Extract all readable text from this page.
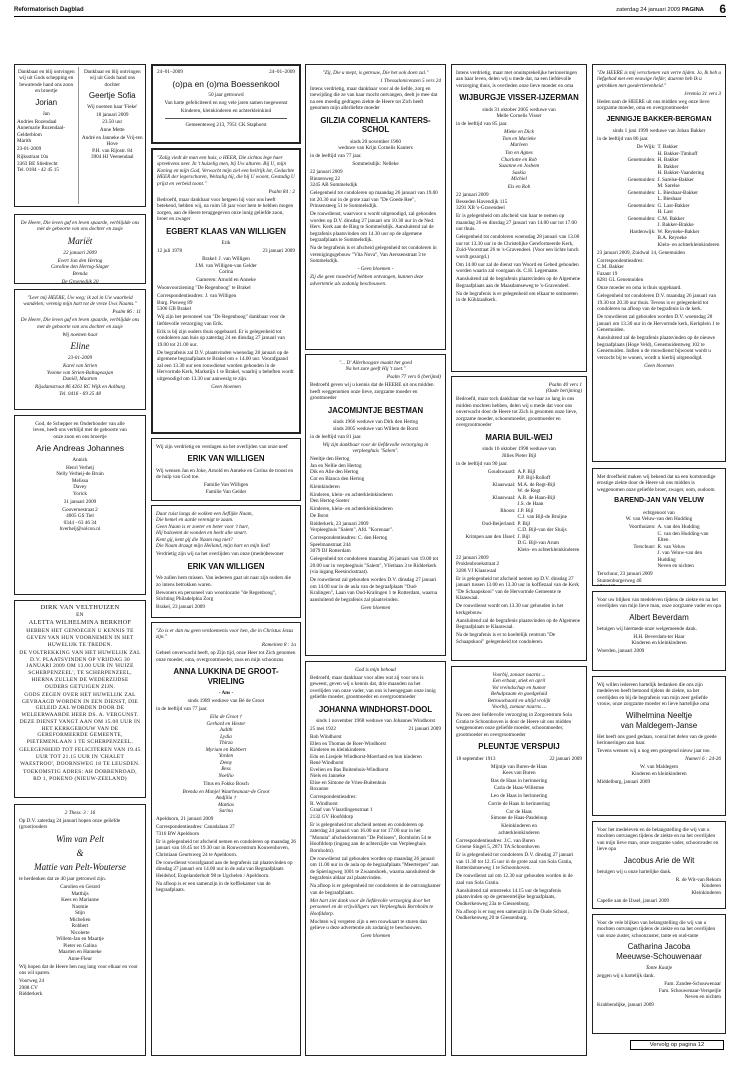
Reformatorisch Dagblad	zaterdag 24 januari 2009 PAGINA 6

Dankbaar en blij ontvingen wij uit Gods schepping en bewarende hand ons zoon en broertje

Jorian

Jan

Andries Rozendaal
Annemarie Rozendaal-Gelderblom
Marith

23-01-2009

Rijksstraat 10a
3363 BE Sliedrecht
Tel. 0184 - 42 45 15

Dankbaar en blij ontvingen wij uit Gods hand ons dochter

Geertje Sofia

Wij noemen haar 'Fieke'

18 januari 2009
23.50 uur

Anne Mette

André en Janneke de Vrij-ten Hove
P.H. van Rijnstr. 84
3904 HJ Veenendaal

De Heere, Die leven gaf en leven spaarde, verblijdde ons met de geboorte van ons dochter en zusje

Mariët

22 januari 2009

Evert Jan den Hertog
Caroline den Hertog-Slager
Brenda

De Groenedijk 20

"Leer mij HEERE, Uw weg; ik zal in Uw waarheid wandelen; verenig mijn hart tot de vreze Uws Naams."

Psalm 86 : 11

De Heere, Die leven gaf en leven spaarde, verblijdde ons met de geboorte van ons dochter en zusje

Wij noemen haar

Eline

23-01-2009

Karel van Strien
Yvonne van Strien-Baltageasjan
Daniël, Maarten

Rijsdamstraat 86 4261 RC Wijk en Aalburg
Tel. 0416 - 69 25 48

God, de Schepper en Onderhouder van alle leven, heeft ons verblijd met de geboorte van onze zoon en ons broertje

Arie Andreas Johannes

Annick

Henri Verheij
Nelly Verheij-de Bruin
Melissa
Davey
Yorick

31 januari 2009

Gouvernestraat 2
4005 GS Tiel
0344 - 63 46 34
hverheij@solcon.nl

DIRK VAN VELTHUIZEN
EN
ALETTA WILHELMINA BERKHOF

HEBBEN HET GENOEGEN U KENNIS TE GEVEN VAN HUN VOORNEMEN IN HET HUWELIJK TE TREDEN.

DE VOLTREKKING VAN HET HUWELIJK ZAL D.V. PLAATSVINDEN OP VRIJDAG 30 JANUARI 2009 OM 13.00 UUR IN 'HUIZE SCHERPENZEEL', TE SCHERPENZEEL, HIERNA ZULLEN DE WEDERZIJDSE OUDERS GETUIGEN ZIJN.

GODS ZEGEN OVER HET HUWELIJK ZAL GEVRAAGD WORDEN IN EEN DIENST, DIE GELEID ZAL WORDEN DOOR DE WELEERWAARDE HEER DS. A. VERGUNST. DEZE DIENST VANGT AAN OM 15.00 UUR IN HET KERKGEBOUW VAN DE GEREFORMEERDE GEMEENTE, PIETEMENLAAN 1 TE SCHERPENZEEL.

GELEGENHEID TOT FELICITEREN VAN 19.45 UUR TOT 21.15 UUR IN 'CHALET WAESTROO', DOORNSWEG 18 TE LEUSDEN.

TOEKOMSTIG ADRES: AH DOBBENROAD, RD 1, POKENO (NIEUW-ZEELAND)

2 Thess. 3 : 16

Op D.V. zaterdag 24 januari hopen onze geliefde (groot)ouders

Wim van Pelt
&
Mattie van Pelt-Wouterse

te herdenken dat ze 40 jaar getrouwd zijn.

Carolien en Gerard
Matthijs
Kees en Marianne
Naomie
Stijn
Michelien
Robbert
Nicolette
Willem-Jan en Maartje
Pieter en Galina
Maarten en Hanneke
Anne-Fleur

Wij hopen dat de Heere hen nog lang voor elkaar en voor ons wil sparen.

Voorweg 24
2988 CV
Ridderkerk

24–01–2009	24–01–2009
(o)pa en (o)ma Boessenkool

50 jaar getrouwd

Van harte gefeliciteerd en nog vele jaren samen toegewenst

Kinderen, kleinkinderen en achterkleinkind

Gemeenteweg 213, 7951 CK Staphorst

"Zalig viedt de man een huis, o HEER, Die zichtas lege haer spreekvens neer. In 't huizelig men, bij Uw alturen. Bij U, mijn Koning en mijn God, Verwacht mijn ziel een heilrijk lot, Gedachte HEER der legerscharen, Welzalig hij, die bij U woont, Gestadig U prijst en verbeid toont."

Psalm 84 : 2

Bedroefd, maar dankbaar voor hetgeen hij voor ons heeft betekend, hebben wij, na ruim 50 jaar voor hem te hebben mogen zorgen, aan de Heere teruggegeven onze innig geliefde zoon, broer en zwager

EGBERT KLAAS VAN WILLIGEN

Erik

12 juli 1978	23 januari 2009

Brakel: J. van Willigen
J.M. van Willigen-van Gelder
Corina

Gameren: Arnold en Anneke

Woonvoorziening "De Regenboog" te Brakel

Correspondentieadres: J. van Willigen
Burg. Posweg 89
5306 GB Brakel

Wij zijn het personeel van "De Regenboog" dankbaar voor de liefdevolle verzorging van Erik.

Erik is bij zijn ouders thuis opgebaard. Er is gelegenheid tot condoleren aan huis op zaterdag 24 en dinsdag 27 januari van 19.00 tot 21.00 uur.

De begrafenis zal D.V. plaatsvinden woensdag 28 januari op de algemene begraafplaats te Brakel om ± 14.00 uur. Voorafgaand zal een 13.30 uur een rouwdienst worden gehouden in de Hervormde Kerk, Markstijn 1 te Brakel, waarbij u bebeften wordt uitgenodigd om 13.30 uur aanwezig te zijn.

Geen bloemen

Wij zijn verdrietig en verslagen na het overlijden van onze neef

ERIK VAN WILLIGEN

Wij wensen Jan en Joke, Arnold en Anneke en Corina de troost en de hulp van God toe.

Familie Van Willigen
Familie Van Gelder

Daar ruist langs de wolken een lieflijke Naam,
Die hemel en aarde verenigt te zaam.
Geen Naam is er zoeter en beter voor 't hart,
Hij balseemt de wonden en heelt alle smart.
Kent gij, kent gij die Naam nog niet?
Die Naam draagt mijn Heiland, mijn hart en mijn lied!

Verdrietig zijn wij na het overlijden van onze (mede)bewoner

ERIK VAN WILLIGEN

We zullen hem missen. Van iedereen gaat uit naar zijn ouders die zo intens betrokken waren.

Bewoners en personeel van woonlocatie "de Regenboog", Stichting Philadelphia Zorg

Brakel, 23 januari 2009

"Zo is er dan nu geen verdoemenis voor hen, die in Christus Jezus zijn."

Romeinen 8 : 1a

Geheel onverwacht heeft, op Zijn tijd, onze Heer tot Zich genomen onze moeder, oma, overgrootmoeder, zuss en mijn schoonzus

ANNA LUKKINA DE GROOT-VRIELING

- Ans -

sinds 1989 weduwe van Bé de Groot

in de leeftijd van 77 jaar.

Ella de Groot †
Gerhard en Hester
Judith
Lydia
Thirza
Myriam en Robbert
Yorden
Demy
Bess
Noellio

Titus en Fokko Bosch

Brenda en Manjel Waarheanaar-de Groot
Andjilia †
Mattias
Sarina

Apeldoorn, 21 januari 2009

Correspondentieadres: Canadalaan 27
7316 BW Apeldoorn

Er is gelegenheid tot afscheid nemen en condoleren op maandag 26 januari van 18.45 tot 19.30 uur in Rouwcentrum Kouwenhoven, Christiaan Geurtsweg 24 te Apeldoorn.

De rouwdienst voorafgaand aan de begrafenis zal plaatsvinden op dinsdag 27 januari om 14.00 uur in de aula van Begraafplaats Heidehof, Engelanderholt 98 te Ugchelen / Apeldoorn.

Na afloop is er een samenzijn in de koffiekamer van de begraafplaats.

"Zij, Die u mept, is getrouw, Die het ook doen zal."

1 Thessalonicenzen 5 vers 24

Intens verdrietig, maar dankbaar voor al de liefde, zorg en toewijding die ze van haar mocht ontvangen, deelt je mee dat na een moedig gedragen ziekte de Heere tot Zich heeft genomen mijn allerliefste moeder

GILZIA CORNELIA KANTERS-SCHOL

sinds 20 november 1960
weduwe van Krijn Cornelis Kanters

in de leeftijd van 77 jaar.

Sommelsdijk: Nelleke

22 januari 2009
Binnenweg 22
3245 AB Sommelsdijk

Gelegenheid tot condoleren op maandag 26 januari van 19.00 tot 20.30 uur in de grote zaal van "De Goede Ree", Prinsensteeg 51 te Sommelsdijk.

De rouwdienst, waarvoor u wordt uitgenodigd, zal gehouden worden op D.V. dinsdag 27 januari om 10.30 uur in de Ned. Herv. Kerk aan de Ring te Sommelsdijk. Aansluitend zal de begrafenis plaatsvinden om 14.30 uur op de algemene begraafplaats te Sommelsdijk.

Na de begrafenis is er afscheid gelegenheid tot condoleren in verenigingsgebouw "Vita Nova", Van Aerssenstraat 3 te Sommelsdijk.

- Geen bloemen -

Zij die geen rouwbrief hebben ontvangen, kunnen deze advertentie als zodanig beschouwen.

"... D' Allerhoogste maakt het goed
Na het zure geeft Hij 't zoet."

Psalm 77 vers 6 (berijmd)

Bedroefd geven wij u kennis dat de HEERE uit ons midden heeft weggenomen onze lieve, zorgzame moeder en grootmoeder

JACOMIJNTJE BESTMAN

sinds 1966 weduwe van Dirk den Hertog
sinds 2005 weduwe van Willem de Borst

in de leeftijd van 81 jaar.

Wij zijn dankbaar voor de liefdevolle verzorging in verpleeghuis "Salem".

Neeltje den Hertog
Jan en Nellie den Hertog
Dik en Alie den Hertog
Cor en Bianca den Hertog

Kleinkinderen

Kinderen, klein- en achterkleinkinderen
Den Hertog-Soeter

Kinderen, klein- en achterkleinkinderen
De Borst

Ridderkerk, 23 januari 2009
Verpleeghuis "Salem", Afd. "Korenaar".

Correspondentieadres: C. den Hertog
Speelmanstraat 244
3079 DJ Rotterdam

Gelegenheid tot condoleren maandag 26 januari van 19.00 tot 20.00 uur in verpleeghuis "Salem", Vlietlaan 3 te Ridderkerk (via ingang Reesinckstraat).

De rouwdienst zal gehouden worden D.V. dinsdag 27 januari om 14.00 uur in de aula van de begraafplaats "Oud-Kralingen", Laan van Oud-Kralingen 1 te Rotterdam, waarna aansluitend de begrafenis zal plaatsvinden.

Geen bloemen

God is mijn behoud

Bedroefd, maar dankbaar voor alles wat zij voor ons is geweest, geven wij u kennis dat, drie maanden na het overlijden van onze vader, van ons is heengegaan onze innig geliefde moeder, grootmoeder en overgrootmoeder

JOHANNA WINDHORST-DOOL

sinds 1 november 1968 weduwe van Johannes Windhorst

25 mei 1922	21 januari 2009

Rob Windhorst
Ellen en Thomas de Boer-Windhorst
Kinderen en kleinkinderen
Edu en Liesjele Windhorst-Moerland en hun kinderen
René Windhorst
Evelien en Bas Buitenhuis-Windhorst
Niels en Janneke
Elise en Simone de Vries-Buitenhuis
Roxanne

Correspondentieadres:
R. Windhorst
Graaf van Vlaardingenstraat 1
2132 GV Hoofddorp

Er is gelegenheid tot afscheid nemen en condoleren op zaterdag 24 januari van 16.00 uur tot 17.00 uur in het "Monuta" afscheidcentrum "De Polissen", Bornholm 54 te Hoofddorp (ingang aan de achterzijde van Verpleeghuis Bornholm).

De rouwdienst zal gehouden worden op maandag 26 januari om 11.00 uur in de aula op de begraafplaats "Meerterpen" aan de Spieringweg 1001 te Zwaanshoek, waarna aansluitend de begrafenis aldaar zal plaatsvinden.

Na afloop is er gelegenheid tot condoleren in de ontvangkamer van de begraafplaats.

Met hart ziet dank voor de liefdevolle verzorging door het personeel en de vrijwilligers van Verpleeghuis Bornholm te Hoofddorp.

Mochten wij vergeten zijn u een rouwkaart te sturen dan gelieve u deze advertentie als zodanig te beschouwen.

Geen bloemen

Intens verdrietig, maar met onuitsprekelijke herinneringen aan haar leven, delen wij u mede dat, na een liefdevolle verzorging thuis, is overleden onze lieve moeder en oma

WIJBURGJE VISSER-IJZERMAN

sinds 31 oktober 2005 weduwe van
Melle Cornelis Visser

in de leeftijd van 85 jaar.

Mieke en Dick
Tom en Marieke
Marleen

Ton en Agnes
Charlotte en Rob
Suzanne en Joshem
Saskia
Michiel

Els en Rob

22 januari 2009
Besseden Havendijk 115
3291 XB 's-Gravendeel

Er is gelegenheid om afscheid van haar te nemen op maandag 26 en dinsdag 27 januari van 14.00 uur tot 17.00 uur thuis.

Gelegenheid tot condoleren woensdag 28 januari van 13.00 uur tot 13.30 uur in de Christelijke Gereformeerde Kerk, Zuid-Voorstraat 26 te 's-Gravendeel. (Voor een lichte lunch wordt gezorgd.)

Om 14.00 uur zal de dienst van Woord en Gebed gehouden worden waarin zal voorgaan ds. C.H. Legemaate.

Aansluitend zal de begrafenis plaatsvinden op de Algemene Begraafplaats aan de Maasdamseweg te 's-Gravendeel.

Na de begrafenis is er gelegenheid om elkaar te ontmoeten in de Kühlzaalkerk.

Psalm 40 vers 1
(Oude berijming)

Bedroefd, maar toch dankbaar dat we haar zo lang in ons midden mochten hebben, delen wij u mede dat voor ons onverwacht door de Heere tot Zich is genomen onze lieve, zorgzame moeder, schoonmoeder, grootmoeder en overgrootmoeder

MARIA BUIL-WEIJ

sinds 16 oktober 1998 weduwe van
Jillies Pieter Bijl

in de leeftijd van 90 jaar.

Goudswaard: A.P. Bijl
P.P. Bijl-Rolloff
Klaaswaal: M.A. de Regt-Bijl
W. de Regt
Klaaswaal: A.B. de Haan-Bijl
J.S. de Haan
Rhoon: J.P. Bijl
C.J. van Bijl-de Bruijne
Oud-Beijerland: P. Bijl
C.D. Bijl-van der Sluijs
Krimpen aan den IJssel: J. Bijl
D.G. Bijl-van Arum
Klein- en achterkleinkinderen

22 januari 2009
Proklenbroekstraat 2
3286 VJ Klaaswaal

Er is gelegenheid tot afscheid nemen op D.V. dinsdag 27 januari tussen 13.00 en 13.30 uur in koffiezaal van de Kerk "De Schaapskooi" van de Hervormde Gemeente te Klaaswaal.

De rouwdienst wordt om 13.30 uur gehouden in het kerkgebouw.

Aansluitend zal de begrafenis plaatsvinden op de Algemene Begraafplaats te Klaaswaal.

Na de begrafenis is er to koeltelijk centrum "De Schaapskooi" gelegenheid tot condoleren.

Voorbij, zonaar naarns ...
Een erbaat, stiek en april
Vol vreindschap en humor
Behulpzaam en goedgeluid
Betrouwbaard en altijd vrolijk
Voorbij, zomaar naarns ...

Na een zeer liefdevolle verzorging in Zorgcentrum Sola Gratia te Schoonhoven is door de Heere uit ons midden weggenomen onze geliefde moeder, schoonmoeder, grootmoeder en overgrootmoeder

PLEUNTJE VERSPUIJ
18 september 1913	22 januari 2009

Mijntje van Buren-de Haas
Kees van Buren

Bas de Haas in herinnering
Carla de Haas-Willemse

Leo de Haas in herinnering

Corrie de Haas in herinnering

Cor de Haas
Simone de Haas-Pasdeloup

Kleinkinderen en
achterkleinkinderen

Correspondentieadres: J.C. van Buren
Groene Singel 5, 2871 TA Schoonhoven

Er is gelegenheid tot condoleren D.V. dinsdag 27 januari van 11.30 tot 12.15 uur in de grote zaal van Sola Gratia, Rotterdamseweg 1 te Schoonhoven.

De rouwdienst zal om 12.30 uur gehouden worden in de zaal van Sola Gratia.

Aansluitend zal omstreeks 14.15 uur de begrafenis plaatsvinden op de gemeentelijke begraafplaats, Oudkerkenweg 23a te Giessenburg.

Na afloop is er nog een samenzijn in De Oude School, Oudkerkenweg 20 te Giessenburg.

"De HEERE is mij verschenen van verre tijden. Ja, Ik heb u liefgehad met een eeuwige liefde; daarom heb Ik u getrokken met goedertierenheid."

Jeremia 31 vers 3

Heden nam de HEERE uit ons midden weg onze lieve zorgzame moeder, oma en overgrootmoeder

JENNIGJE BAKKER-BERGMAN

sinds 1 juni 1999 weduwe van Johan Bakker

in de leeftijd van 86 jaar.

De Wijk: T. Bakker
H. Bakker-Timhuff
Genemuiden: H. Bakker
B. Bakker
H. Bakker-Vaandering
Genemuiden: J. Sarelse-Bakker
M. Sarelse
Genemuiden: L. Bieshaar-Bakker
L. Bieshaar
Genemuiden: G. Last-Bakker
H. Last
Genemuiden: C.M. Bakker
J. Bakker-Brakke
Hardenwijk: W. Reyneke-Bakker
B.A. Reyneke
Klein- en achterkleinkinderen

23 januari 2009, Zuidwal 14, Genemuiden

Correspondentieadres:
C.M. Bakker
Fazant 19
8281 GL Genemuiden

Onze moeder en oma is thuis opgebaard.

Gelegenheid tot condoleren D.V. maandag 26 januari van 19.30 tot 20.30 uur thuis. Tevens is er gelegenheid tot condoleren na afloop van de begrafenis in de kerk.

De rouwdienst zal gehouden worden D.V. woensdag 28 januari om 13.30 uur in de Hervormde kerk, Kerkplein 1 te Genemuiden.

Aansluitend zal de begrafenis plaatsvinden op de nieuwe begraafplaats (Hoge Veld), Genemuidentweg 102 te Genemuiden. Indien u de rouwdienst bijwoont wordt u verzocht bij te wonen, wordt u hierbij uitgenodigd.

Geen bloemen

Met droefheid maken wij bekend dat na een kortstondige ernstige ziekte door de Heere uit ons midden is weggenomen onze geliefde broer, zwager, oom, oudoom

BAREND-JAN VAN VELUW

echtgenoot van
W. van Veluw-van den Hudding

Voorthuizen: A. van den Hudding
C. van den Hudding-van Elten
Terschuur: R. van Veluw
J. van Veluw-van den Hudding
Neven en nichten

Terschuur, 23 januari 2009
Stuntenburgerweg 40

Voor uw blijken van medeleven tijdens de ziekte en na het overlijden van mijn lieve man, onze zorgzame vader en opa

Albert Beverdam

betuigen wij hiermede onze welgemeende dank.

H.H. Beverdam-ter Haar
Kinderen en kleinkinderen

Woerden, januari 2009

Wij willen iedereen hartelijk bedanken die ons zijn medeleven heeft betoond tijdens de ziekte, na het overlijden en bij de begrafenis van mijn zeer geliefde vrouw, onze zorgzame moeder en lieve hartelijke oma

Wilhelmina Neeltje
van Maldegem-Janse

Het heeft ons goed gedaan, vooral het delen van de goede herinneringen aan haar.

Tevens wensen wij u nog een gezegend nieuw jaar toe.

Numeri 6 : 24-26

W. van Maldegem
Kinderen en kleinkinderen

Middelburg, januari 2009

Voor het medeleven en de belangstelling die wij van u mochten ontvangen tijdens de ziekte en na het overlijden van mijn lieve man, onze zorgzame vader, schoonvader en lieve opa

Jacobus Arie de Wit

betuigen wij u onze hartelijke dank.

R. de Wit-van Rekom
Kinderen
Kleinkinderen

Capelle aan de IJssel, januari 2009

Voor de vele blijken van belangstelling die wij van u mochten ontvangen tijdens de ziekte en na het overlijden van onze zuster, schoonzuster, tante en oud-tante

Catharina Jacoba
Meeuwse-Schouwenaar

Tante Kaatje

zeggen wij u hartelijk dank.

Fam. Zandee-Schouwenaar
Fam. Schouwenaar-Verspeijle
Neven en nichten

Krabbendijke, januari 2009

Vervolg op pagina 12
